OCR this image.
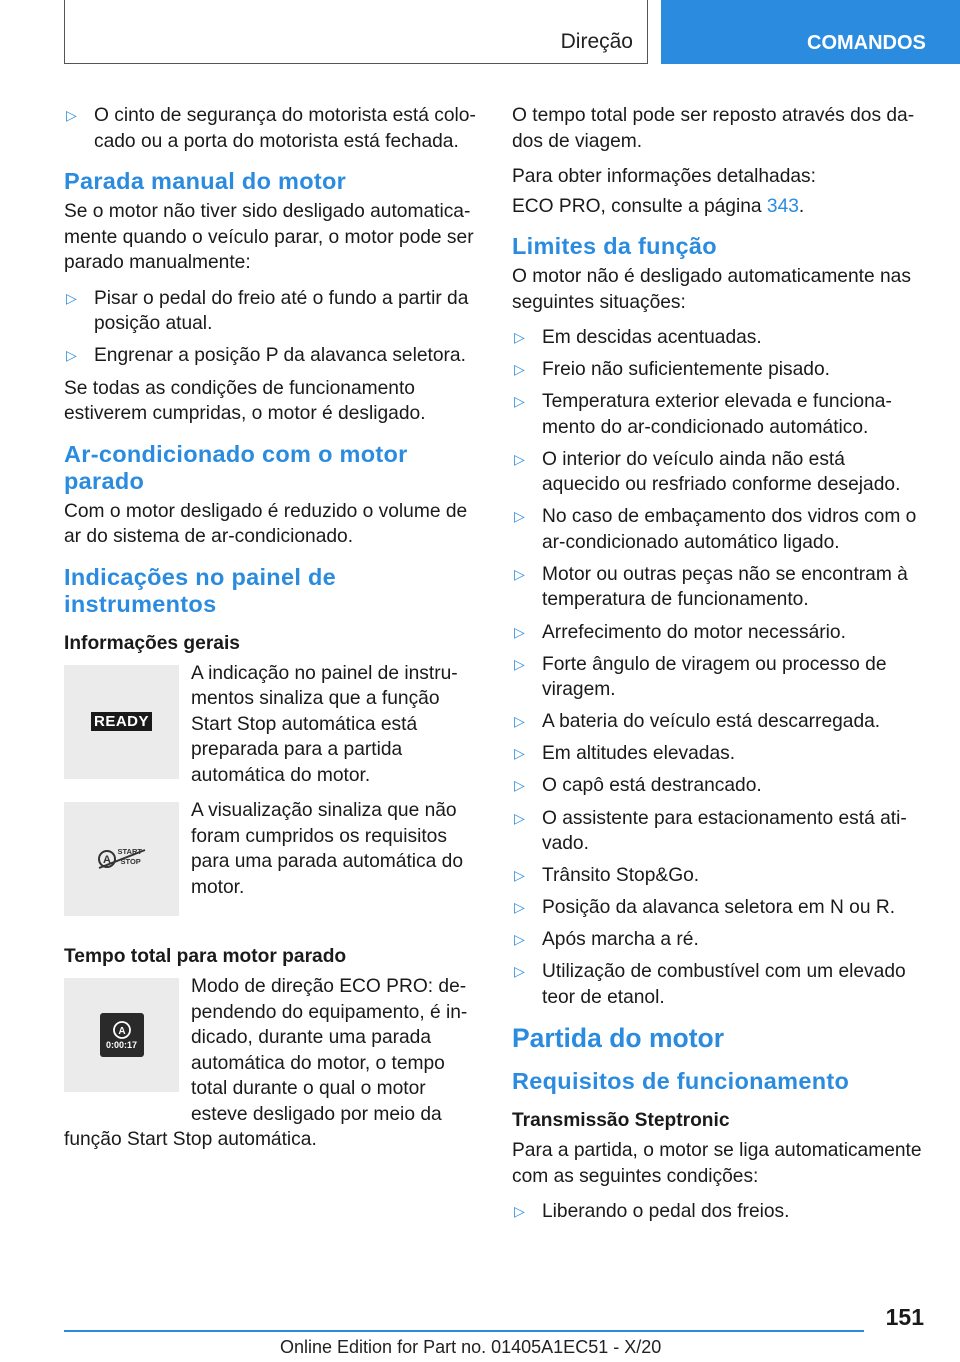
Direção	COMANDOS
▷ O cinto de segurança do motorista está colocado ou a porta do motorista está fechada.
Parada manual do motor

Se o motor não tiver sido desligado automaticamente quando o veículo parar, o motor pode ser parado manualmente:

▷ Pisar o pedal do freio até o fundo a partir da posição atual.
▷ Engrenar a posição P da alavanca seletora.

Se todas as condições de funcionamento estiverem cumpridas, o motor é desligado.

Ar-condicionado com o motor parado

Com o motor desligado é reduzido o volume de ar do sistema de ar-condicionado.

Indicações no painel de instrumentos
Informações gerais
READY

A indicação no painel de instrumentos sinaliza que a função Start Stop automática está preparada para a partida automática do motor.

A
START
STOP

A visualização sinaliza que não foram cumpridos os requisitos para uma parada automática do motor.

Tempo total para motor parado
A
0:00:17

Modo de direção ECO PRO: dependendo do equipamento, é indicado, durante uma parada automática do motor, o tempo total durante o qual o motor esteve desligado por meio da função Start Stop automática.

O tempo total pode ser reposto através dos dados de viagem.

Para obter informações detalhadas:

ECO PRO, consulte a página 343.

Limites da função

O motor não é desligado automaticamente nas seguintes situações:

▷ Em descidas acentuadas.
▷ Freio não suficientemente pisado.
▷ Temperatura exterior elevada e funcionamento do ar-condicionado automático.
▷ O interior do veículo ainda não está aquecido ou resfriado conforme desejado.
▷ No caso de embaçamento dos vidros com o ar-condicionado automático ligado.
▷ Motor ou outras peças não se encontram à temperatura de funcionamento.
▷ Arrefecimento do motor necessário.
▷ Forte ângulo de viragem ou processo de viragem.
▷ A bateria do veículo está descarregada.
▷ Em altitudes elevadas.
▷ O capô está destrancado.
▷ O assistente para estacionamento está ativado.
▷ Trânsito Stop&Go.
▷ Posição da alavanca seletora em N ou R.
▷ Após marcha a ré.
▷ Utilização de combustível com um elevado teor de etanol.
Partida do motor
Requisitos de funcionamento
Transmissão Steptronic

Para a partida, o motor se liga automaticamente com as seguintes condições:

▷ Liberando o pedal dos freios.
151
Online Edition for Part no. 01405A1EC51 - X/20
